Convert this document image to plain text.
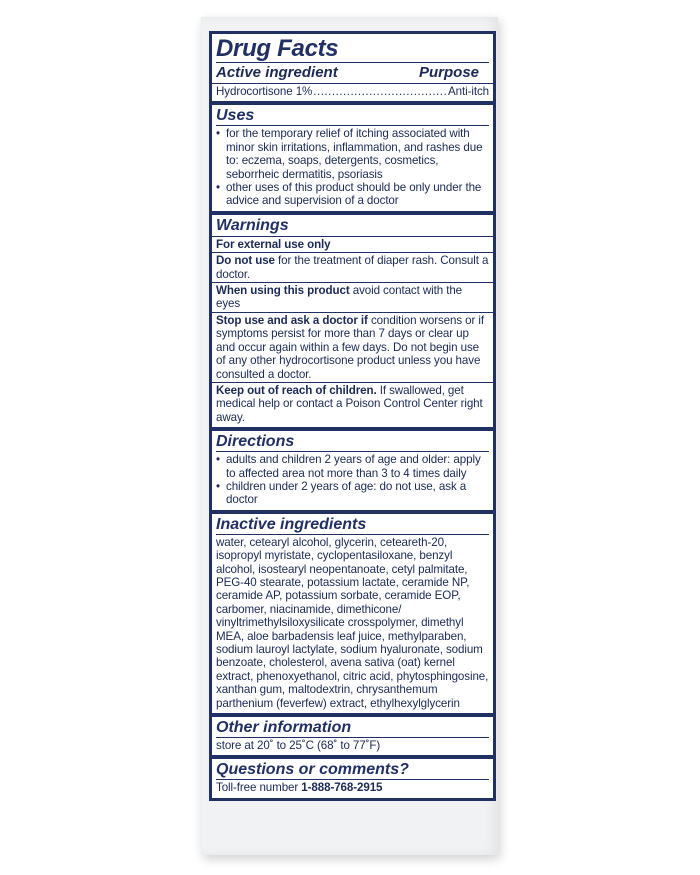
Drug Facts
Active ingredient	Purpose
Hydrocortisone 1%
.....	Anti-itch
Uses
• for the temporary relief of itching associated with minor skin irritations, inflammation, and rashes due to: eczema, soaps, detergents, cosmetics, seborrheic dermatitis, psoriasis
• other uses of this product should be only under the advice and supervision of a doctor
Warnings
For external use only
Do not use for the treatment of diaper rash. Consult a doctor.
When using this product avoid contact with the eyes
Stop use and ask a doctor if condition worsens or if symptoms persist for more than 7 days or clear up and occur again within a few days. Do not begin use of any other hydrocortisone product unless you have consulted a doctor.
Keep out of reach of children. If swallowed, get medical help or contact a Poison Control Center right away.
Directions
• adults and children 2 years of age and older: apply to affected area not more than 3 to 4 times daily
• children under 2 years of age: do not use, ask a doctor
Inactive ingredients
water, cetearyl alcohol, glycerin, ceteareth-20, isopropyl myristate, cyclopentasiloxane, benzyl alcohol, isostearyl neopentanoate, cetyl palmitate, PEG-40 stearate, potassium lactate, ceramide NP, ceramide AP, potassium sorbate, ceramide EOP, carbomer, niacinamide, dimethicone/ vinyltrimethylsiloxysilicate crosspolymer, dimethyl MEA, aloe barbadensis leaf juice, methylparaben, sodium lauroyl lactylate, sodium hyaluronate, sodium benzoate, cholesterol, avena sativa (oat) kernel extract, phenoxyethanol, citric acid, phytosphingosine, xanthan gum, maltodextrin, chrysanthemum parthenium (feverfew) extract, ethylhexylglycerin
Other information
store at 20˚ to 25˚C (68˚ to 77˚F)
Questions or comments?
Toll-free number 1-888-768-2915
